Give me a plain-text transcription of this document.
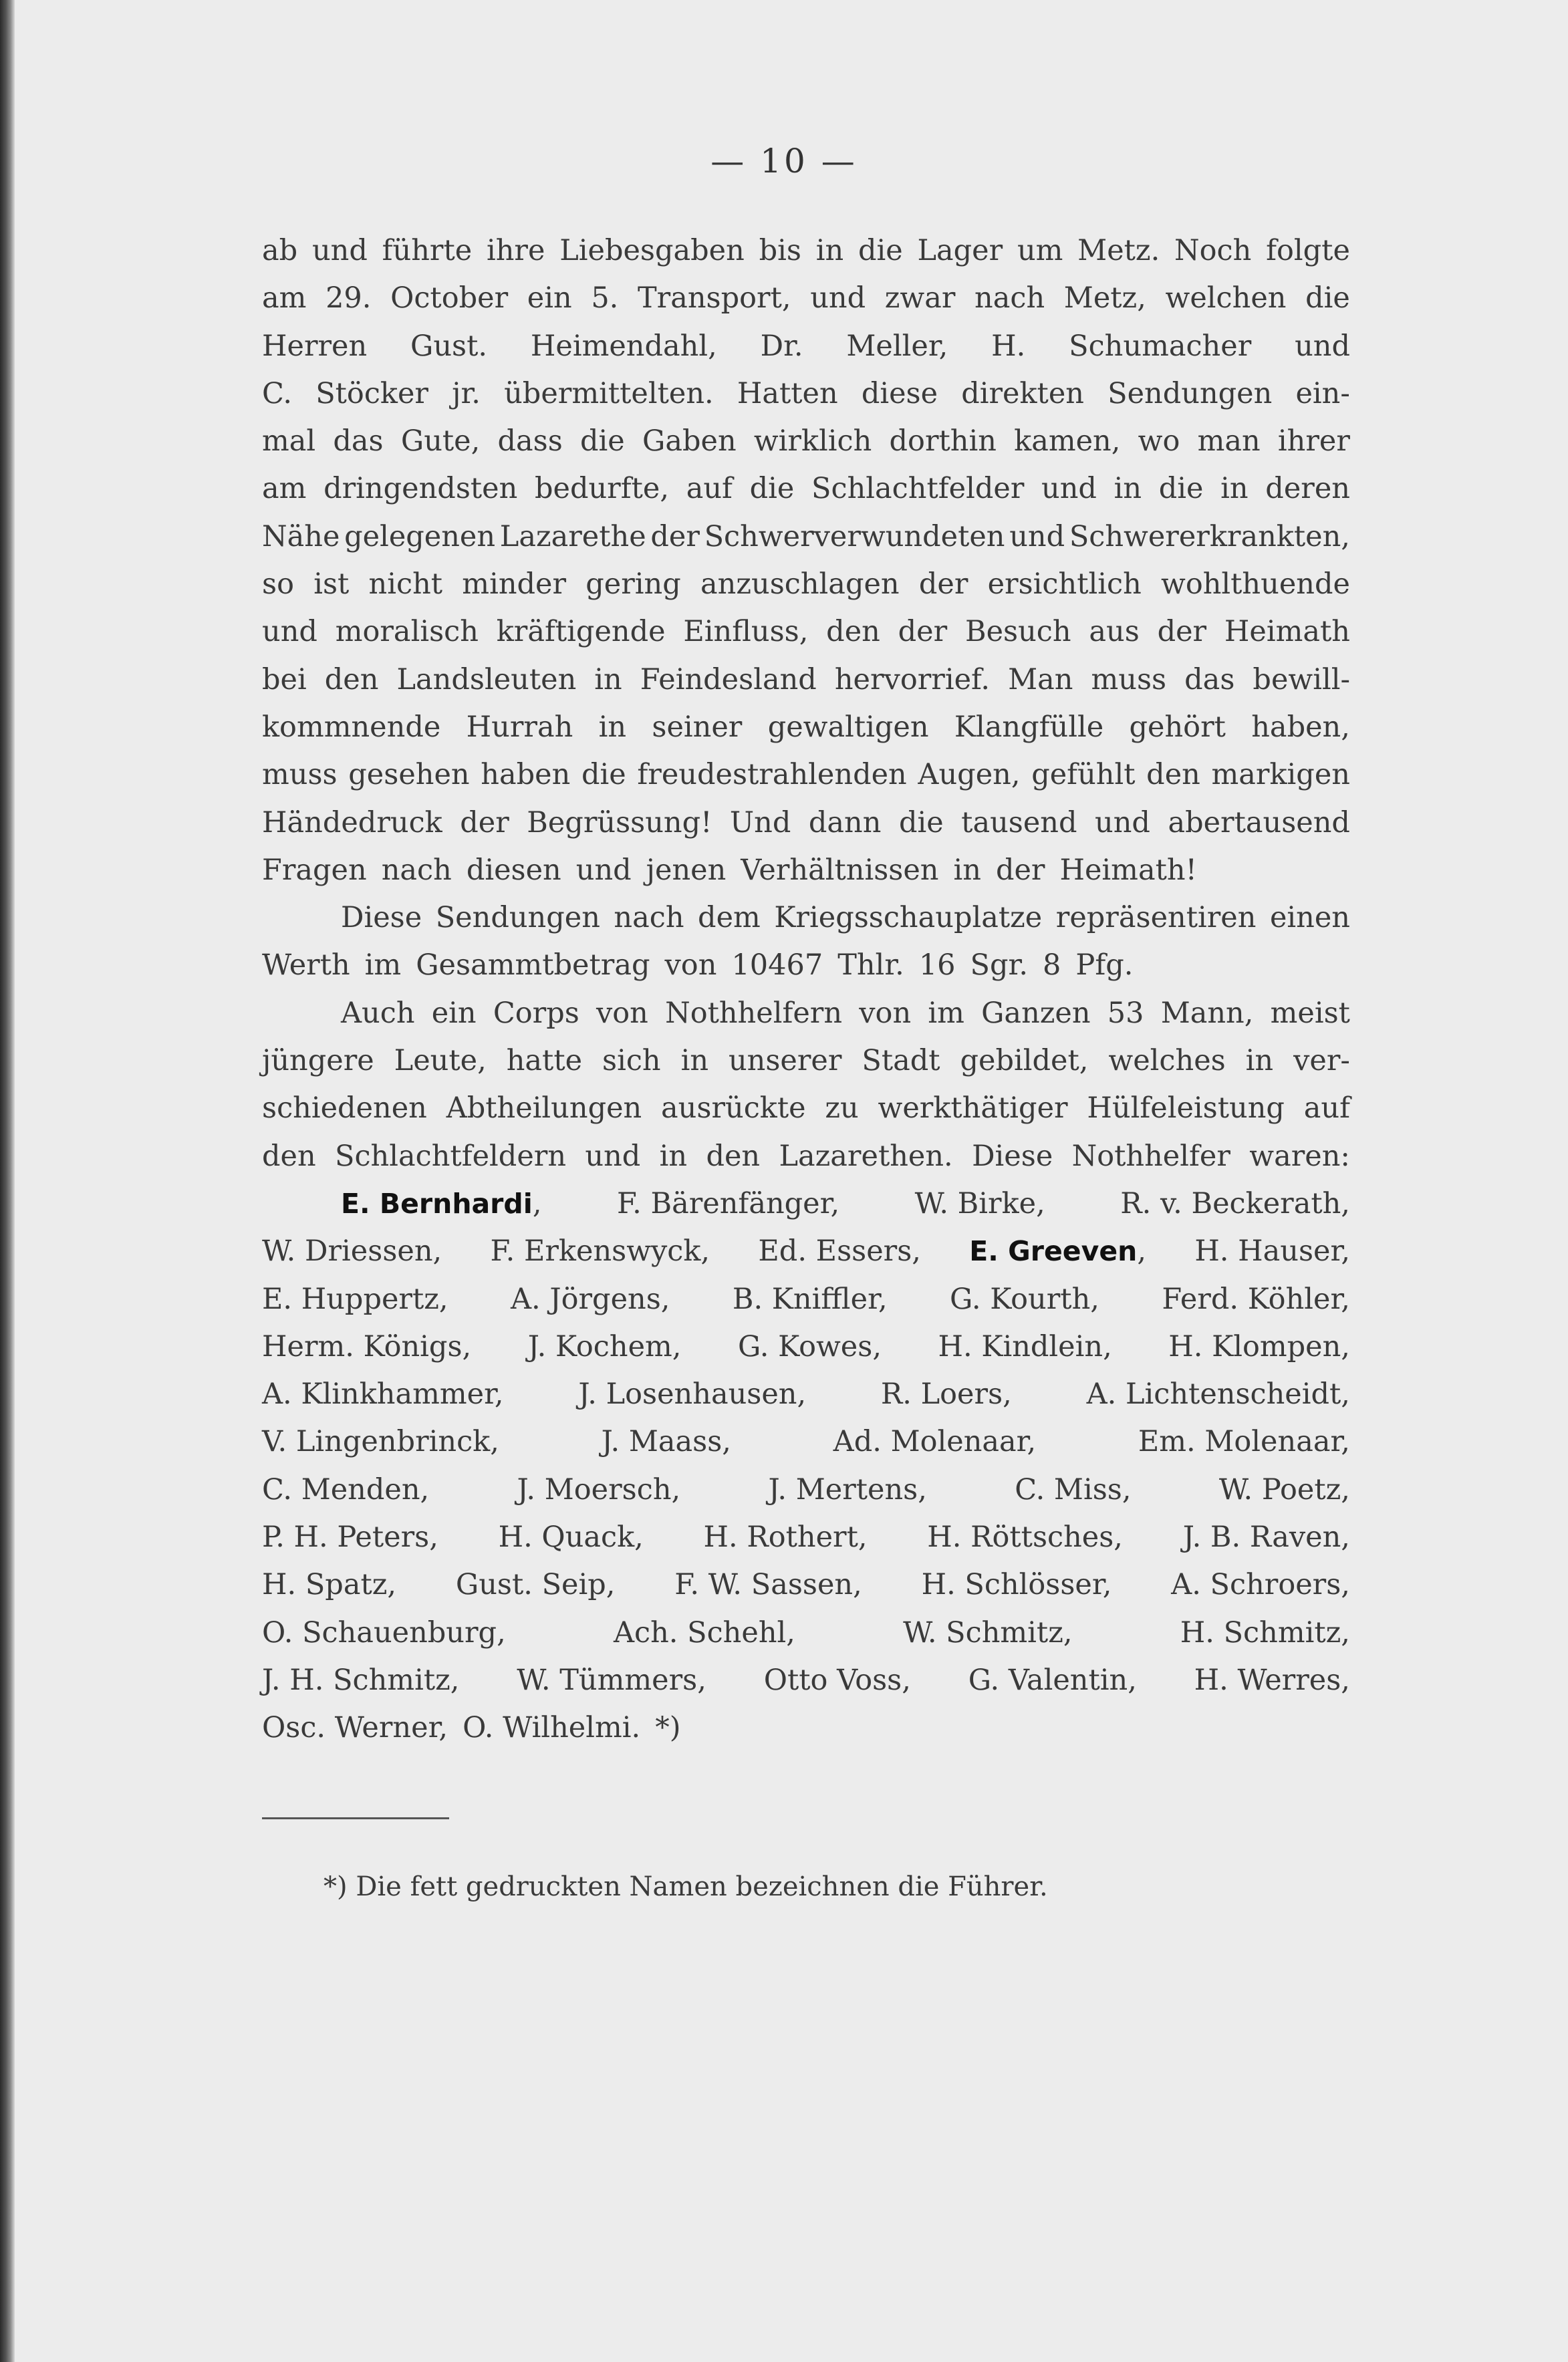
— 10 —
ab und führte ihre Liebesgaben bis in die Lager um Metz. Noch folgte
am 29. October ein 5. Transport, und zwar nach Metz, welchen die
Herren Gust. Heimendahl, Dr. Meller, H. Schumacher und
C. Stöcker jr. übermittelten. Hatten diese direkten Sendungen ein-
mal das Gute, dass die Gaben wirklich dorthin kamen, wo man ihrer
am dringendsten bedurfte, auf die Schlachtfelder und in die in deren
Nähe gelegenen Lazarethe der Schwerverwundeten und Schwererkrankten,
so ist nicht minder gering anzuschlagen der ersichtlich wohlthuende
und moralisch kräftigende Einfluss, den der Besuch aus der Heimath
bei den Landsleuten in Feindesland hervorrief. Man muss das bewill-
kommnende Hurrah in seiner gewaltigen Klangfülle gehört haben,
muss gesehen haben die freudestrahlenden Augen, gefühlt den markigen
Händedruck der Begrüssung! Und dann die tausend und abertausend
Fragen nach diesen und jenen Verhältnissen in der Heimath!
Diese Sendungen nach dem Kriegsschauplatze repräsentiren einen
Werth im Gesammtbetrag von 10467 Thlr. 16 Sgr. 8 Pfg.
Auch ein Corps von Nothhelfern von im Ganzen 53 Mann, meist
jüngere Leute, hatte sich in unserer Stadt gebildet, welches in ver-
schiedenen Abtheilungen ausrückte zu werkthätiger Hülfeleistung auf
den Schlachtfeldern und in den Lazarethen. Diese Nothhelfer waren:
E. Bernhardi,	F. Bärenfänger,	W. Birke,	R. v. Beckerath,
W. Driessen, F. Erkenswyck, Ed. Essers, E. Greeven, H. Hauser,
E. Huppertz, A. Jörgens, B. Kniffler, G. Kourth, Ferd. Köhler,
Herm. Königs, J. Kochem, G. Kowes, H. Kindlein, H. Klompen,
A. Klinkhammer,	J. Losenhausen,	R. Loers,	A. Lichtenscheidt,
V. Lingenbrinck,	J. Maass,	Ad. Molenaar,	Em. Molenaar,
C. Menden,	J. Moersch,	J. Mertens,	C. Miss,	W. Poetz,
P. H. Peters, H. Quack, H. Rothert, H. Röttsches, J. B. Raven,
H. Spatz, Gust. Seip, F. W. Sassen, H. Schlösser, A. Schroers,
O. Schauenburg,	Ach. Schehl,	W. Schmitz,	H. Schmitz,
J. H. Schmitz, W. Tümmers, Otto Voss, G. Valentin, H. Werres,
Osc. Werner, O. Wilhelmi. *)
*) Die fett gedruckten Namen bezeichnen die Führer.
